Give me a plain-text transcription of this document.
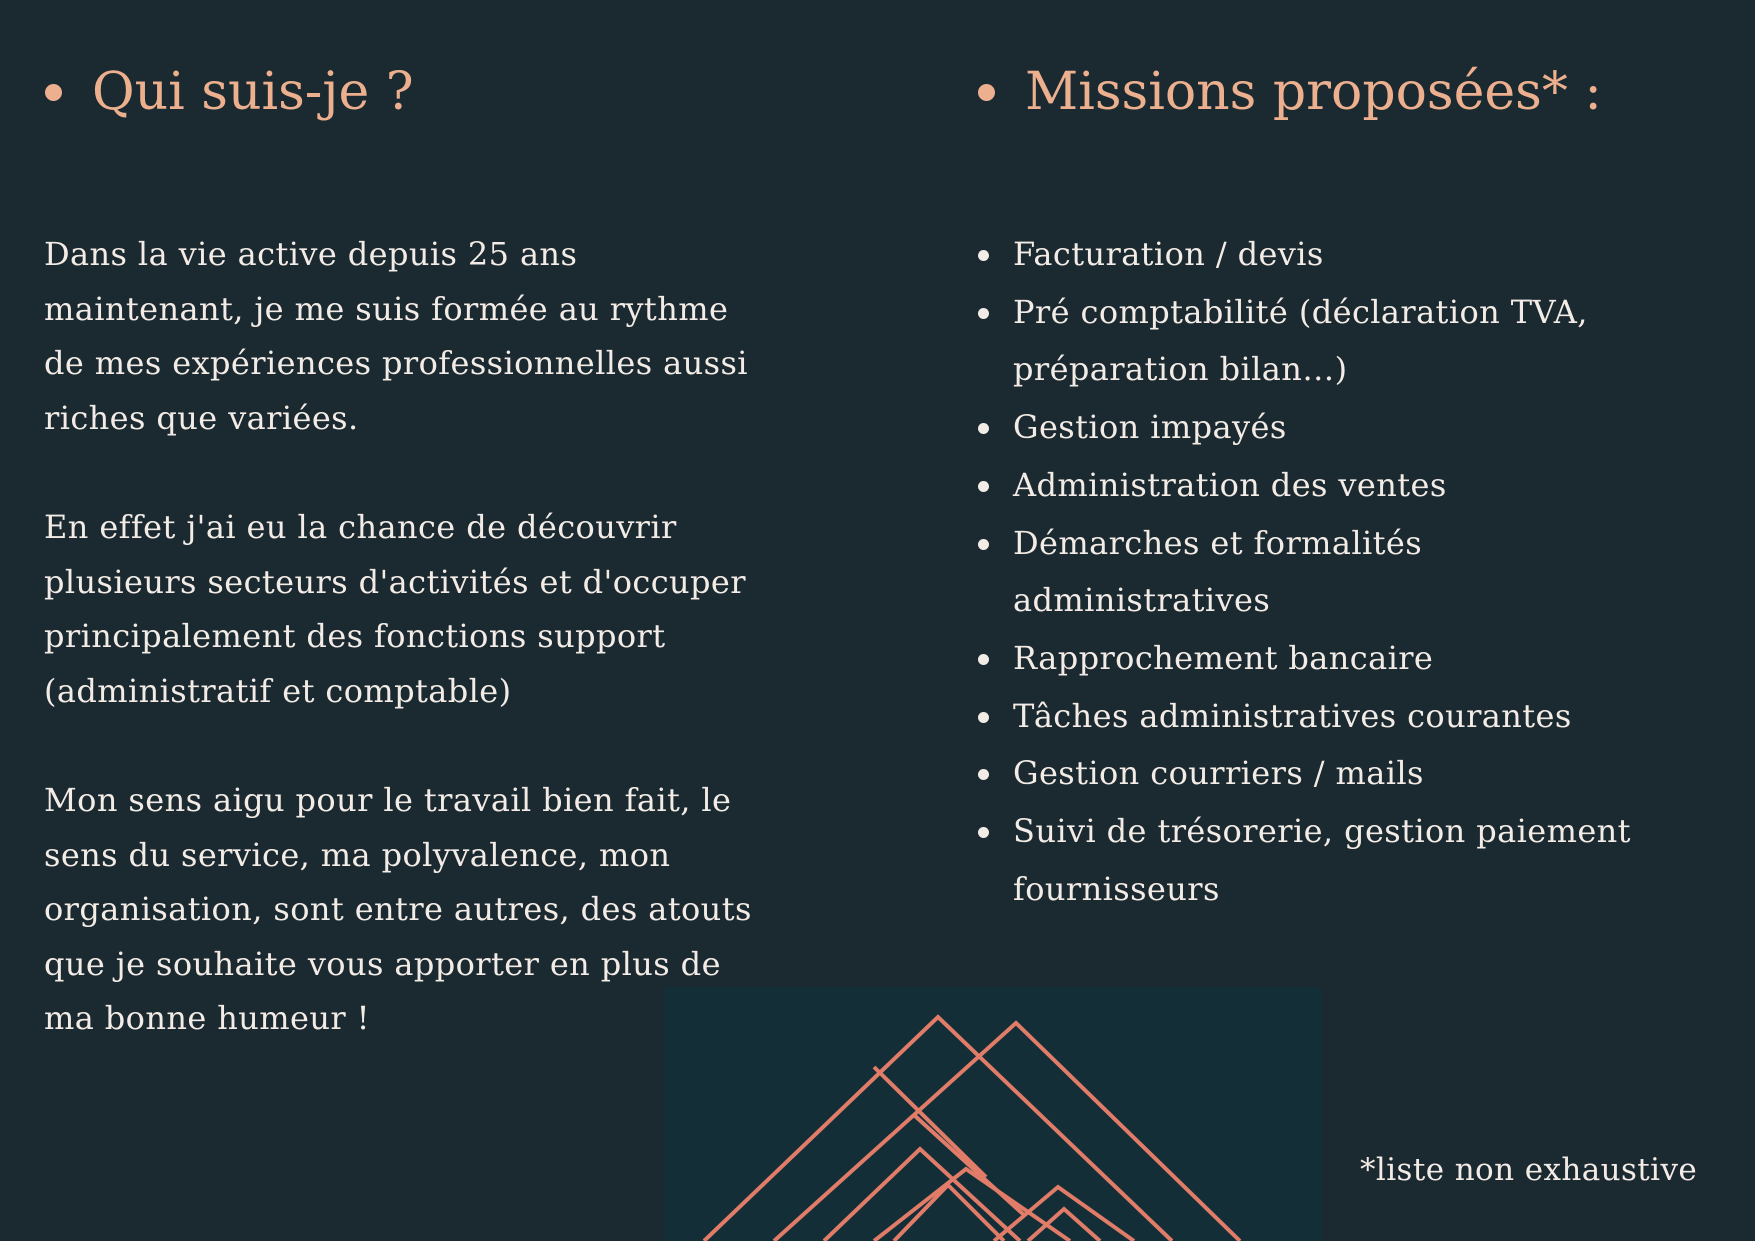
Qui suis-je ?	Missions proposées* :

Dans la vie active depuis 25 ans maintenant, je me suis formée au rythme de mes expériences professionnelles aussi riches que variées.

En effet j'ai eu la chance de découvrir plusieurs secteurs d'activités et d'occuper principalement des fonctions support (administratif et comptable)

Mon sens aigu pour le travail bien fait, le sens du service, ma polyvalence, mon organisation, sont entre autres, des atouts que je souhaite vous apporter en plus de ma bonne humeur !

Facturation / devis
Pré comptabilité (déclaration TVA, préparation bilan…)
Gestion impayés
Administration des ventes
Démarches et formalités administratives
Rapprochement bancaire
Tâches administratives courantes
Gestion courriers / mails
Suivi de trésorerie, gestion paiement fournisseurs
*liste non exhaustive
